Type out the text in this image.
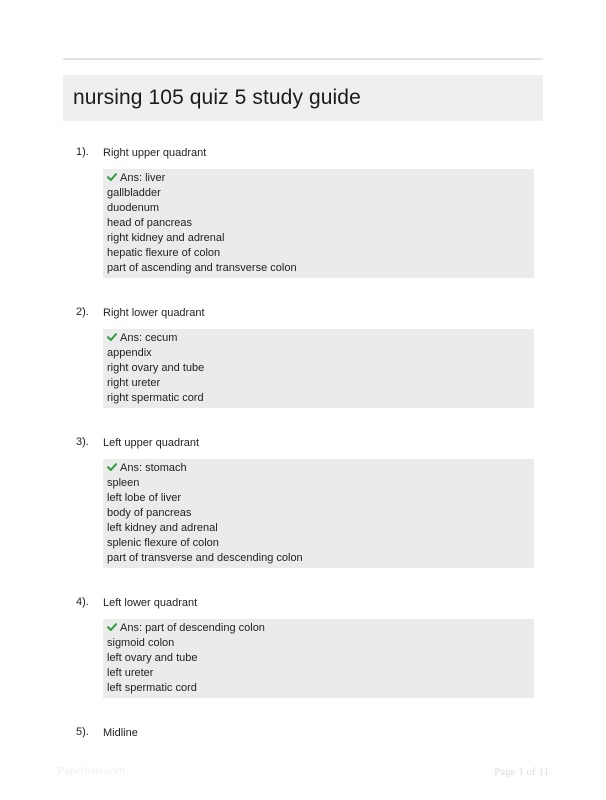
nursing 105 quiz 5 study guide
1). Right upper quadrant
Ans: liver
gallbladder
duodenum
head of pancreas
right kidney and adrenal
hepatic flexure of colon
part of ascending and transverse colon
2). Right lower quadrant
Ans: cecum
appendix
right ovary and tube
right ureter
right spermatic cord
3). Left upper quadrant
Ans: stomach
spleen
left lobe of liver
body of pancreas
left kidney and adrenal
splenic flexure of colon
part of transverse and descending colon
4). Left lower quadrant
Ans: part of descending colon
sigmoid colon
left ovary and tube
left ureter
left spermatic cord
5). Midline
Paperfolio.com	Page 1 of 11
